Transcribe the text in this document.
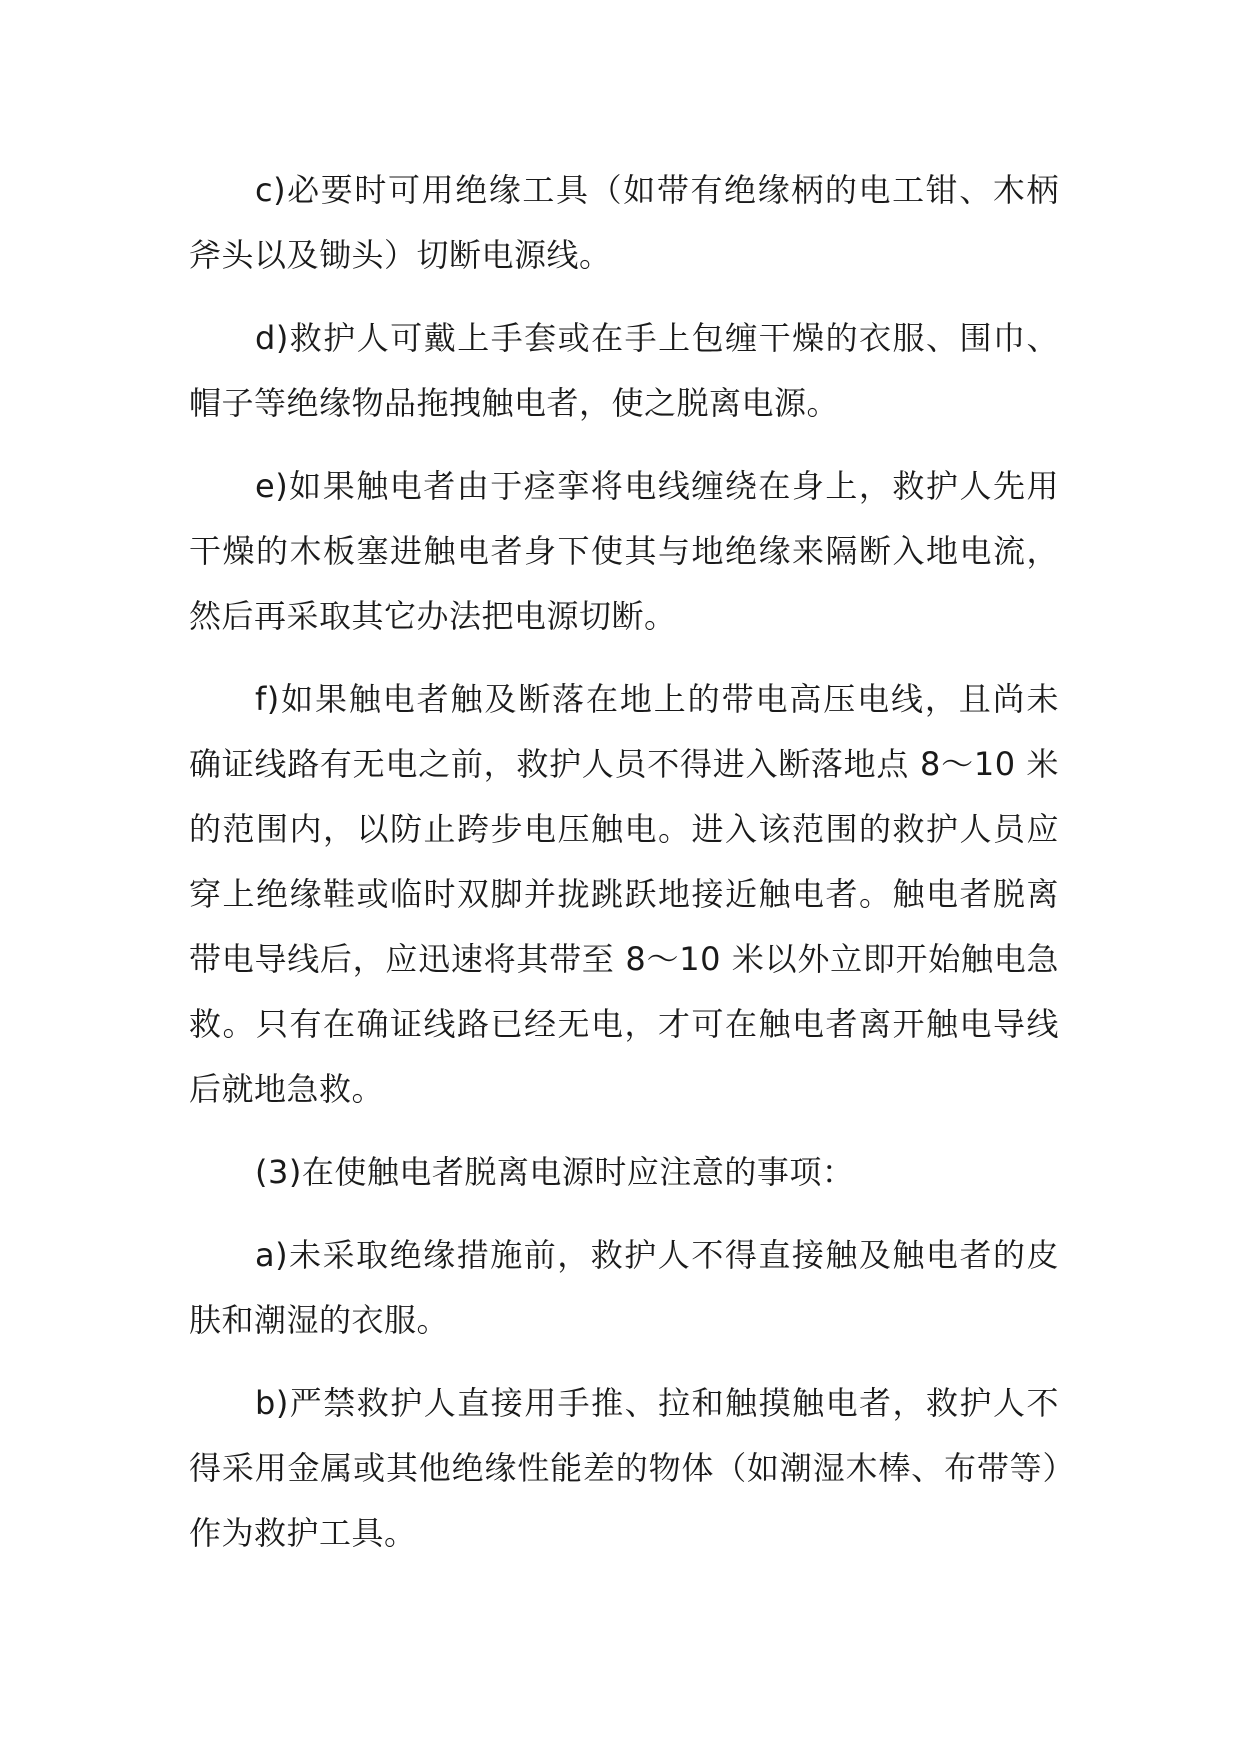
c)必要时可用绝缘工具（如带有绝缘柄的电工钳、木柄斧头以及锄头）切断电源线。

d)救护人可戴上手套或在手上包缠干燥的衣服、围巾、帽子等绝缘物品拖拽触电者，使之脱离电源。

e)如果触电者由于痉挛将电线缠绕在身上，救护人先用干燥的木板塞进触电者身下使其与地绝缘来隔断入地电流，然后再采取其它办法把电源切断。

f)如果触电者触及断落在地上的带电高压电线，且尚未确证线路有无电之前，救护人员不得进入断落地点 8～10 米的范围内，以防止跨步电压触电。进入该范围的救护人员应穿上绝缘鞋或临时双脚并拢跳跃地接近触电者。触电者脱离带电导线后，应迅速将其带至 8～10 米以外立即开始触电急救。只有在确证线路已经无电，才可在触电者离开触电导线后就地急救。

(3)在使触电者脱离电源时应注意的事项：

a)未采取绝缘措施前，救护人不得直接触及触电者的皮肤和潮湿的衣服。

b)严禁救护人直接用手推、拉和触摸触电者，救护人不得采用金属或其他绝缘性能差的物体（如潮湿木棒、布带等）作为救护工具。
